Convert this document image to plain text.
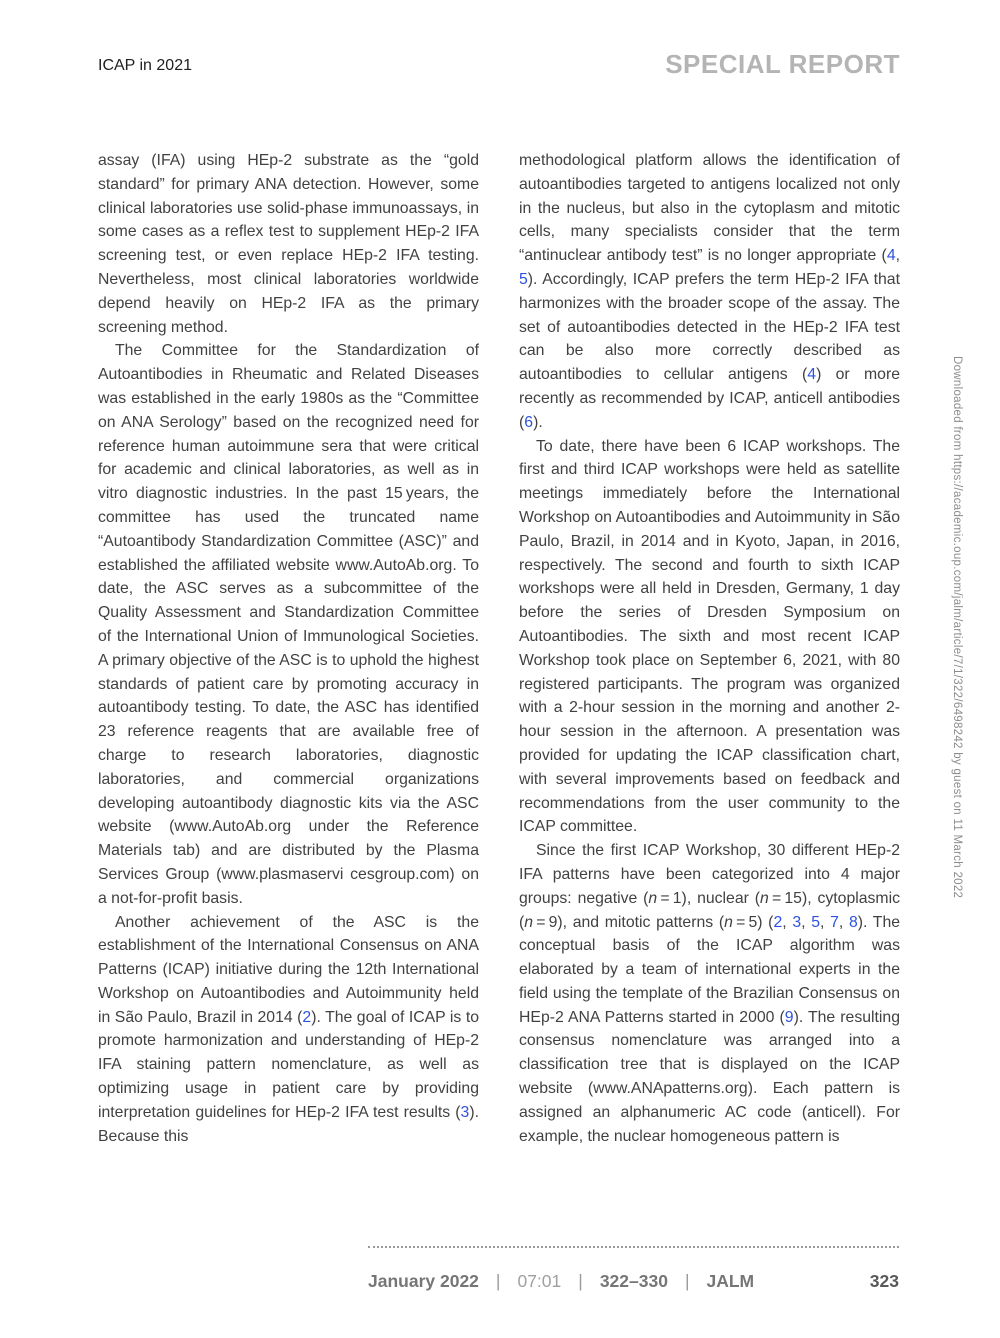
ICAP in 2021	SPECIAL REPORT

assay (IFA) using HEp-2 substrate as the “gold standard” for primary ANA detection. However, some clinical laboratories use solid-phase immunoassays, in some cases as a reflex test to supplement HEp-2 IFA screening test, or even replace HEp-2 IFA testing. Nevertheless, most clinical laboratories worldwide depend heavily on HEp-2 IFA as the primary screening method.

The Committee for the Standardization of Autoantibodies in Rheumatic and Related Diseases was established in the early 1980s as the “Committee on ANA Serology” based on the recognized need for reference human autoimmune sera that were critical for academic and clinical laboratories, as well as in vitro diagnostic industries. In the past 15 years, the committee has used the truncated name “Autoantibody Standardization Committee (ASC)” and established the affiliated website www.AutoAb.org. To date, the ASC serves as a subcommittee of the Quality Assessment and Standardization Committee of the International Union of Immunological Societies. A primary objective of the ASC is to uphold the highest standards of patient care by promoting accuracy in autoantibody testing. To date, the ASC has identified 23 reference reagents that are available free of charge to research laboratories, diagnostic laboratories, and commercial organizations developing autoantibody diagnostic kits via the ASC website (www.AutoAb.org under the Reference Materials tab) and are distributed by the Plasma Services Group (www.plasmaservi cesgroup.com) on a not-for-profit basis.

Another achievement of the ASC is the establishment of the International Consensus on ANA Patterns (ICAP) initiative during the 12th International Workshop on Autoantibodies and Autoimmunity held in São Paulo, Brazil in 2014 (2). The goal of ICAP is to promote harmonization and understanding of HEp-2 IFA staining pattern nomenclature, as well as optimizing usage in patient care by providing interpretation guidelines for HEp-2 IFA test results (3). Because this

methodological platform allows the identification of autoantibodies targeted to antigens localized not only in the nucleus, but also in the cytoplasm and mitotic cells, many specialists consider that the term “antinuclear antibody test” is no longer appropriate (4, 5). Accordingly, ICAP prefers the term HEp-2 IFA that harmonizes with the broader scope of the assay. The set of autoantibodies detected in the HEp-2 IFA test can be also more correctly described as autoantibodies to cellular antigens (4) or more recently as recommended by ICAP, anticell antibodies (6).

To date, there have been 6 ICAP workshops. The first and third ICAP workshops were held as satellite meetings immediately before the International Workshop on Autoantibodies and Autoimmunity in São Paulo, Brazil, in 2014 and in Kyoto, Japan, in 2016, respectively. The second and fourth to sixth ICAP workshops were all held in Dresden, Germany, 1 day before the series of Dresden Symposium on Autoantibodies. The sixth and most recent ICAP Workshop took place on September 6, 2021, with 80 registered participants. The program was organized with a 2-hour session in the morning and another 2-hour session in the afternoon. A presentation was provided for updating the ICAP classification chart, with several improvements based on feedback and recommendations from the user community to the ICAP committee.

Since the first ICAP Workshop, 30 different HEp-2 IFA patterns have been categorized into 4 major groups: negative (n = 1), nuclear (n = 15), cytoplasmic (n = 9), and mitotic patterns (n = 5) (2, 3, 5, 7, 8). The conceptual basis of the ICAP algorithm was elaborated by a team of international experts in the field using the template of the Brazilian Consensus on HEp-2 ANA Patterns started in 2000 (9). The resulting consensus nomenclature was arranged into a classification tree that is displayed on the ICAP website (www.ANApatterns.org). Each pattern is assigned an alphanumeric AC code (anticell). For example, the nuclear homogeneous pattern is

Downloaded from https://academic.oup.com/jalm/article/7/1/322/6498242 by guest on 11 March 2022
January 2022 | 07:01 | 322–330 | JALM	323
